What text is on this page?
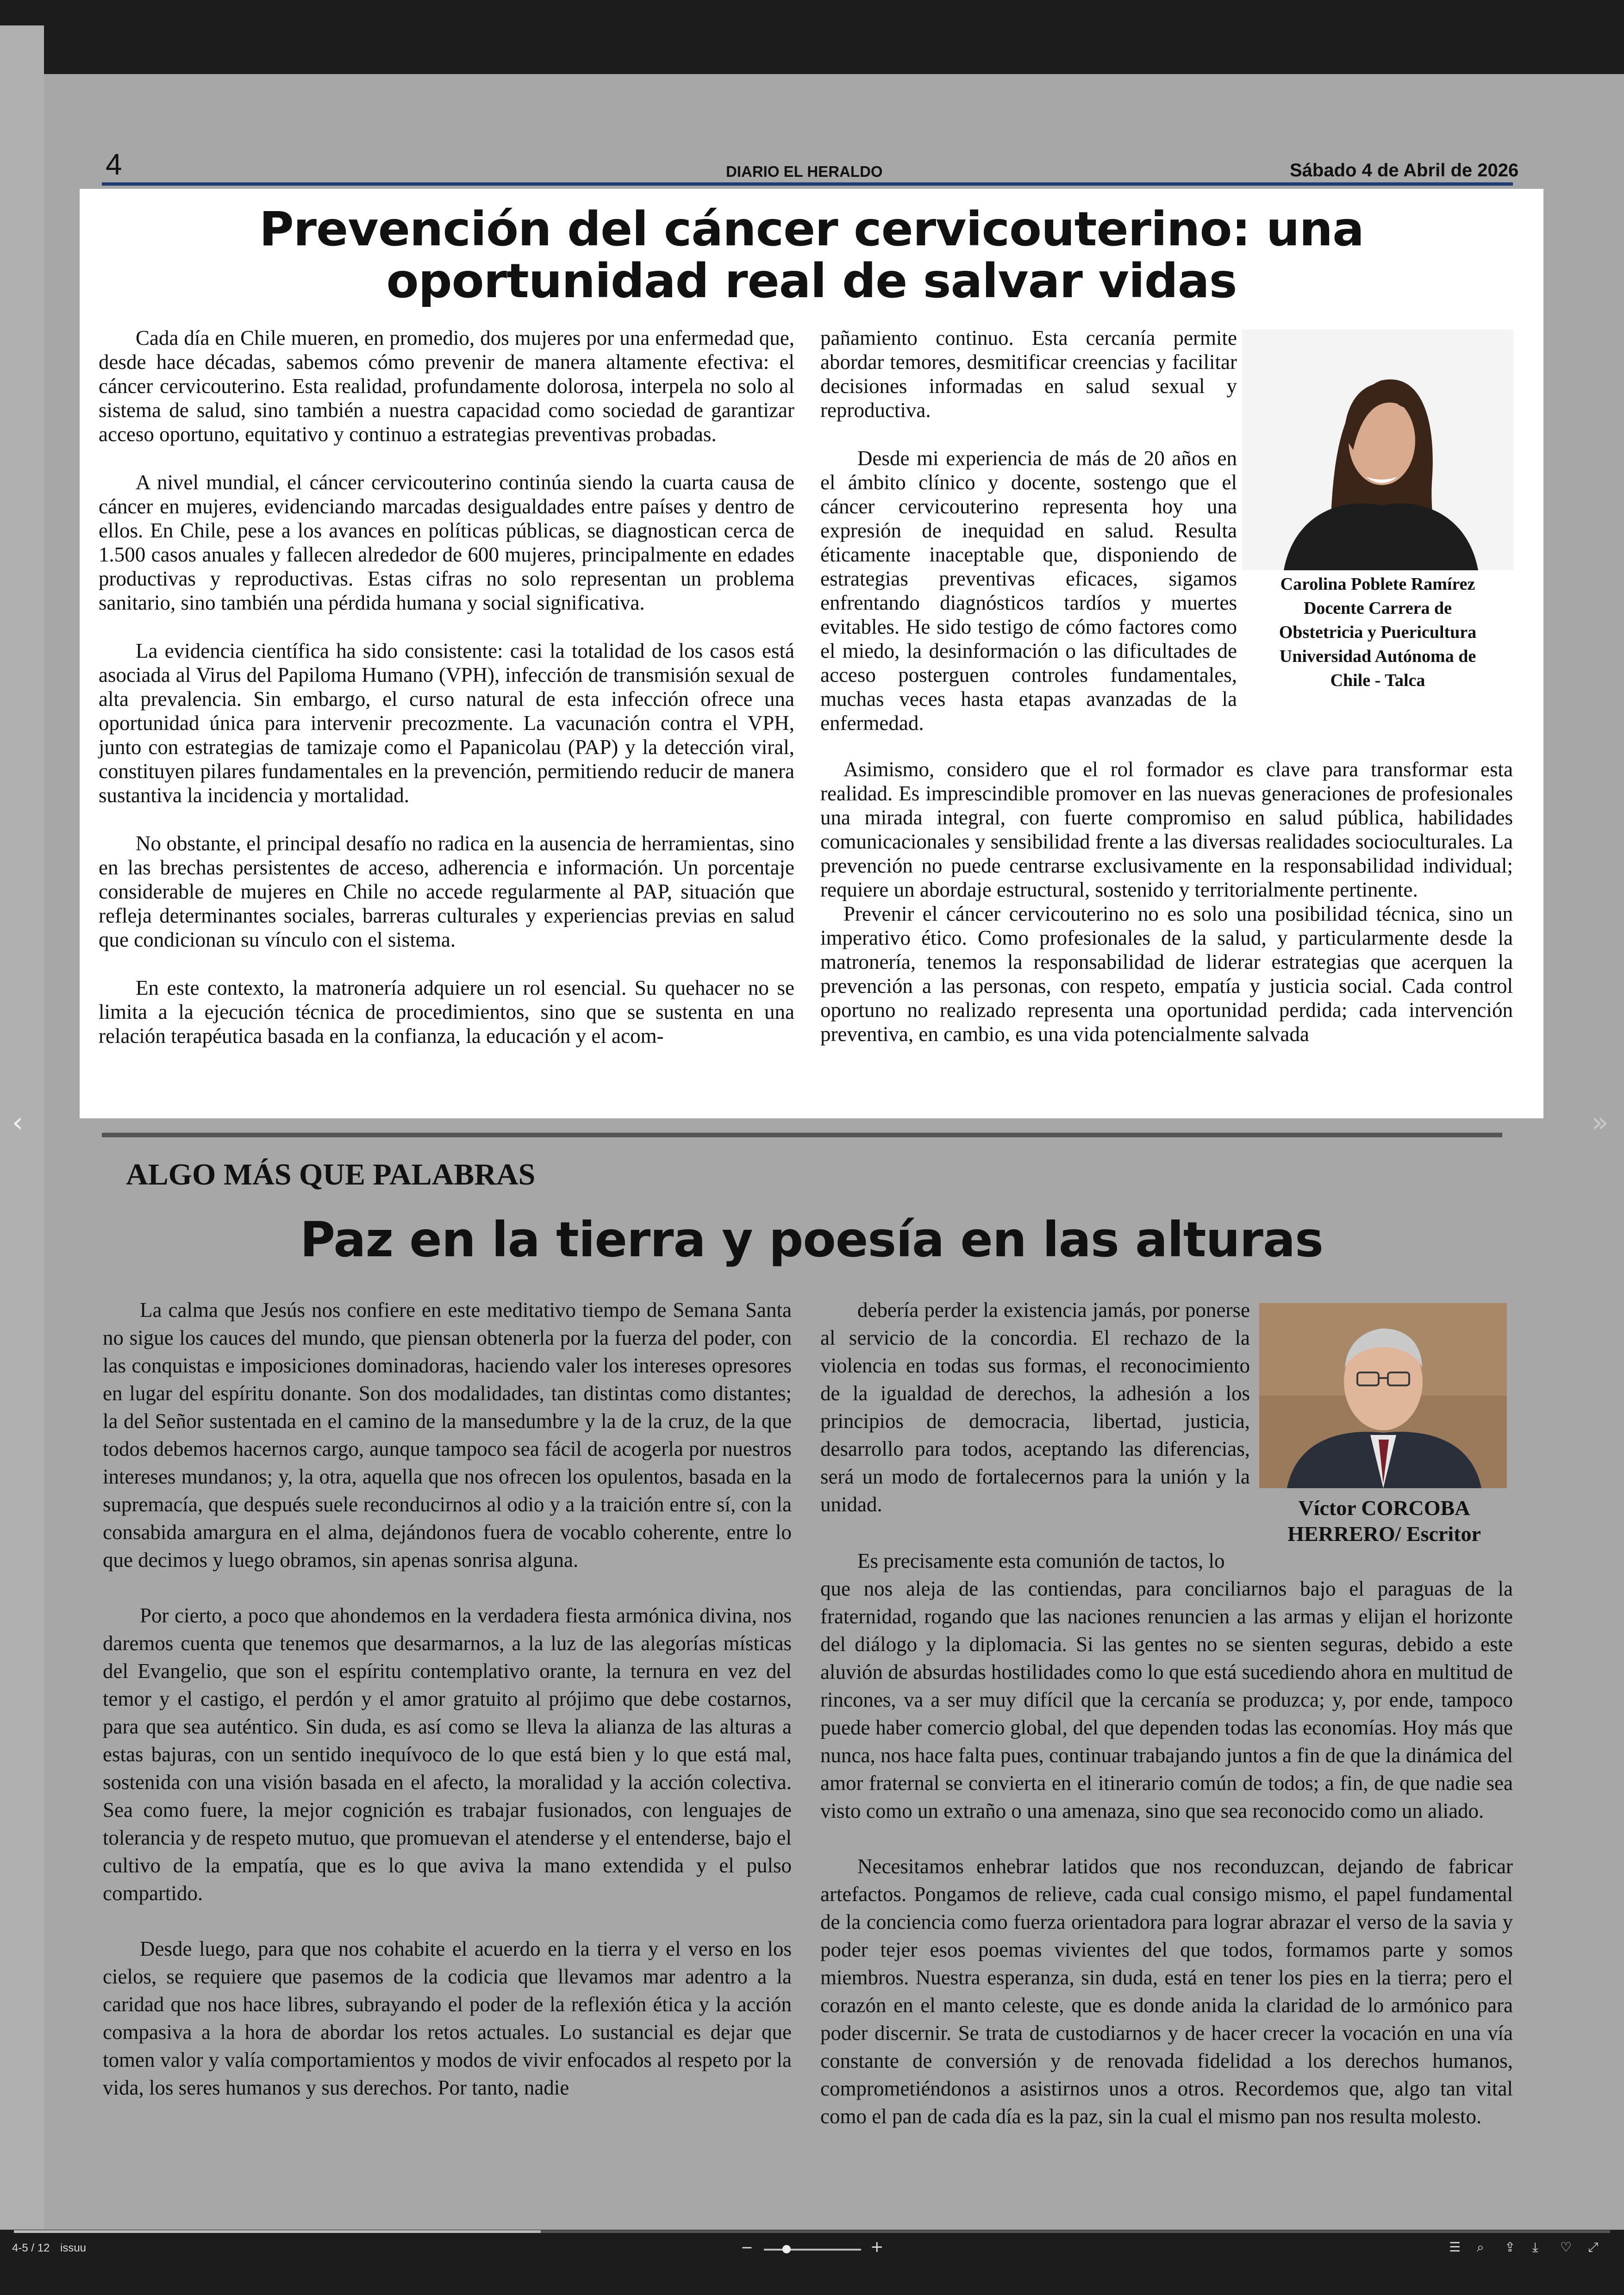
4	DIARIO EL HERALDO	Sábado 4 de Abril de 2026
Prevención del cáncer cervicouterino: una
oportunidad real de salvar vidas

Cada día en Chile mueren, en promedio, dos mujeres por una enfermedad que, desde hace décadas, sabemos cómo prevenir de manera altamente efectiva: el cáncer cervicouterino. Esta realidad, profundamente dolorosa, interpela no solo al sistema de salud, sino también a nuestra capacidad como sociedad de garantizar acceso oportuno, equitativo y continuo a estrategias preventivas probadas.

A nivel mundial, el cáncer cervicouterino continúa siendo la cuarta causa de cáncer en mujeres, evidenciando marcadas desigualdades entre países y dentro de ellos. En Chile, pese a los avances en políticas públicas, se diagnostican cerca de 1.500 casos anuales y fallecen alrededor de 600 mujeres, principalmente en edades productivas y reproductivas. Estas cifras no solo representan un problema sanitario, sino también una pérdida humana y social significativa.

La evidencia científica ha sido consistente: casi la totalidad de los casos está asociada al Virus del Papiloma Humano (VPH), infección de transmisión sexual de alta prevalencia. Sin embargo, el curso natural de esta infección ofrece una oportunidad única para intervenir precozmente. La vacunación contra el VPH, junto con estrategias de tamizaje como el Papanicolau (PAP) y la detección viral, constituyen pilares fundamentales en la prevención, permitiendo reducir de manera sustantiva la incidencia y mortalidad.

No obstante, el principal desafío no radica en la ausencia de herramientas, sino en las brechas persistentes de acceso, adherencia e información. Un porcentaje considerable de mujeres en Chile no accede regularmente al PAP, situación que refleja determinantes sociales, barreras culturales y experiencias previas en salud que condicionan su vínculo con el sistema.

En este contexto, la matronería adquiere un rol esencial. Su quehacer no se limita a la ejecución técnica de procedimientos, sino que se sustenta en una relación terapéutica basada en la confianza, la educación y el acom-

pañamiento continuo. Esta cercanía permite abordar temores, desmitificar creencias y facilitar decisiones informadas en salud sexual y reproductiva.

Desde mi experiencia de más de 20 años en el ámbito clínico y docente, sostengo que el cáncer cervicouterino representa hoy una expresión de inequidad en salud. Resulta éticamente inaceptable que, disponiendo de estrategias preventivas eficaces, sigamos enfrentando diagnósticos tardíos y muertes evitables. He sido testigo de cómo factores como el miedo, la desinformación o las dificultades de acceso posterguen controles fundamentales, muchas veces hasta etapas avanzadas de la enfermedad.

Asimismo, considero que el rol formador es clave para transformar esta realidad. Es imprescindible promover en las nuevas generaciones de profesionales una mirada integral, con fuerte compromiso en salud pública, habilidades comunicacionales y sensibilidad frente a las diversas realidades socioculturales. La prevención no puede centrarse exclusivamente en la responsabilidad individual; requiere un abordaje estructural, sostenido y territorialmente pertinente.

Prevenir el cáncer cervicouterino no es solo una posibilidad técnica, sino un imperativo ético. Como profesionales de la salud, y particularmente desde la matronería, tenemos la responsabilidad de liderar estrategias que acerquen la prevención a las personas, con respeto, empatía y justicia social. Cada control oportuno no realizado representa una oportunidad perdida; cada intervención preventiva, en cambio, es una vida potencialmente salvada

Carolina Poblete Ramírez
Docente Carrera de
Obstetricia y Puericultura
Universidad Autónoma de
Chile - Talca
‹	»
ALGO MÁS QUE PALABRAS
Paz en la tierra y poesía en las alturas

La calma que Jesús nos confiere en este meditativo tiempo de Semana Santa no sigue los cauces del mundo, que piensan obtenerla por la fuerza del poder, con las conquistas e imposiciones dominadoras, haciendo valer los intereses opresores en lugar del espíritu donante. Son dos modalidades, tan distintas como distantes; la del Señor sustentada en el camino de la mansedumbre y la de la cruz, de la que todos debemos hacernos cargo, aunque tampoco sea fácil de acogerla por nuestros intereses mundanos; y, la otra, aquella que nos ofrecen los opulentos, basada en la supremacía, que después suele reconducirnos al odio y a la traición entre sí, con la consabida amargura en el alma, dejándonos fuera de vocablo coherente, entre lo que decimos y luego obramos, sin apenas sonrisa alguna.

Por cierto, a poco que ahondemos en la verdadera fiesta armónica divina, nos daremos cuenta que tenemos que desarmarnos, a la luz de las alegorías místicas del Evangelio, que son el espíritu contemplativo orante, la ternura en vez del temor y el castigo, el perdón y el amor gratuito al prójimo que debe costarnos, para que sea auténtico. Sin duda, es así como se lleva la alianza de las alturas a estas bajuras, con un sentido inequívoco de lo que está bien y lo que está mal, sostenida con una visión basada en el afecto, la moralidad y la acción colectiva. Sea como fuere, la mejor cognición es trabajar fusionados, con lenguajes de tolerancia y de respeto mutuo, que promuevan el atenderse y el entenderse, bajo el cultivo de la empatía, que es lo que aviva la mano extendida y el pulso compartido.

Desde luego, para que nos cohabite el acuerdo en la tierra y el verso en los cielos, se requiere que pasemos de la codicia que llevamos mar adentro a la caridad que nos hace libres, subrayando el poder de la reflexión ética y la acción compasiva a la hora de abordar los retos actuales. Lo sustancial es dejar que tomen valor y valía comportamientos y modos de vivir enfocados al respeto por la vida, los seres humanos y sus derechos. Por tanto, nadie

debería perder la existencia jamás, por ponerse al servicio de la concordia. El rechazo de la violencia en todas sus formas, el reconocimiento de la igualdad de derechos, la adhesión a los principios de democracia, libertad, justicia, desarrollo para todos, aceptando las diferencias, será un modo de fortalecernos para la unión y la unidad.

Es precisamente esta comunión de tactos, lo

que nos aleja de las contiendas, para conciliarnos bajo el paraguas de la fraternidad, rogando que las naciones renuncien a las armas y elijan el horizonte del diálogo y la diplomacia. Si las gentes no se sienten seguras, debido a este aluvión de absurdas hostilidades como lo que está sucediendo ahora en multitud de rincones, va a ser muy difícil que la cercanía se produzca; y, por ende, tampoco puede haber comercio global, del que dependen todas las economías. Hoy más que nunca, nos hace falta pues, continuar trabajando juntos a fin de que la dinámica del amor fraternal se convierta en el itinerario común de todos; a fin, de que nadie sea visto como un extraño o una amenaza, sino que sea reconocido como un aliado.

Necesitamos enhebrar latidos que nos reconduzcan, dejando de fabricar artefactos. Pongamos de relieve, cada cual consigo mismo, el papel fundamental de la conciencia como fuerza orientadora para lograr abrazar el verso de la savia y poder tejer esos poemas vivientes del que todos, formamos parte y somos miembros. Nuestra esperanza, sin duda, está en tener los pies en la tierra; pero el corazón en el manto celeste, que es donde anida la claridad de lo armónico para poder discernir. Se trata de custodiarnos y de hacer crecer la vocación en una vía constante de conversión y de renovada fidelidad a los derechos humanos, comprometiéndonos a asistirnos unos a otros. Recordemos que, algo tan vital como el pan de cada día es la paz, sin la cual el mismo pan nos resulta molesto.

Víctor CORCOBA
HERRERO/ Escritor
4-5 / 12 issuu	−	+	☰ ⌕ ⇪ ⤓ ♡ ⤢
